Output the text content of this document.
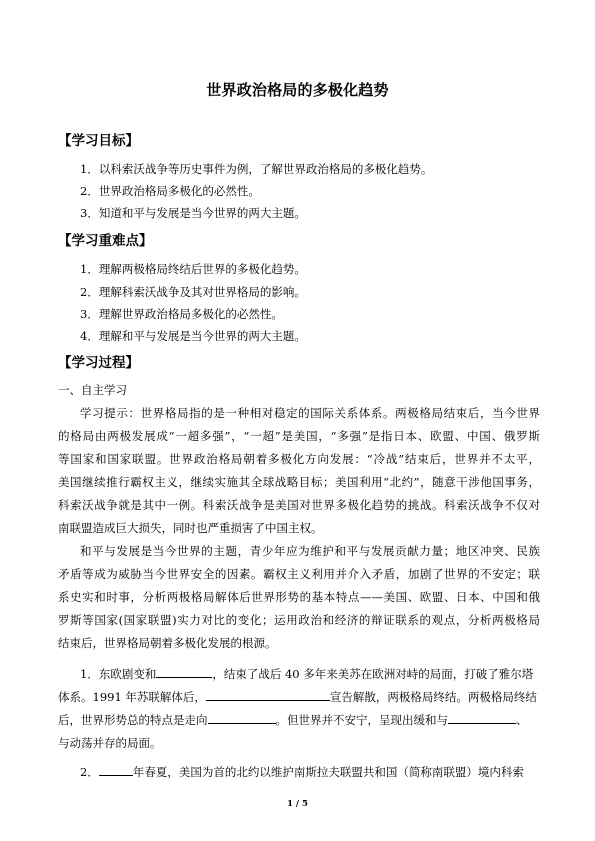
世界政治格局的多极化趋势
【学习目标】
1．以科索沃战争等历史事件为例，了解世界政治格局的多极化趋势。
2．世界政治格局多极化的必然性。
3．知道和平与发展是当今世界的两大主题。
【学习重难点】
1．理解两极格局终结后世界的多极化趋势。
2．理解科索沃战争及其对世界格局的影响。
3．理解世界政治格局多极化的必然性。
4．理解和平与发展是当今世界的两大主题。
【学习过程】
一、自主学习
学习提示：世界格局指的是一种相对稳定的国际关系体系。两极格局结束后，当今世界
的格局由两极发展成“一超多强”，“一超”是美国，“多强”是指日本、欧盟、中国、俄罗斯
等国家和国家联盟。世界政治格局朝着多极化方向发展：“冷战”结束后，世界并不太平，
美国继续推行霸权主义，继续实施其全球战略目标；美国利用“北约”，随意干涉他国事务，
科索沃战争就是其中一例。科索沃战争是美国对世界多极化趋势的挑战。科索沃战争不仅对
南联盟造成巨大损失，同时也严重损害了中国主权。
和平与发展是当今世界的主题，青少年应为维护和平与发展贡献力量；地区冲突、民族
矛盾等成为威胁当今世界安全的因素。霸权主义利用并介入矛盾，加剧了世界的不安定；联
系史实和时事，分析两极格局解体后世界形势的基本特点——美国、欧盟、日本、中国和俄
罗斯等国家(国家联盟)实力对比的变化；运用政治和经济的辩证联系的观点，分析两极格局
结束后，世界格局朝着多极化发展的根源。
1．东欧剧变和	，结束了战后 40 多年来美苏在欧洲对峙的局面，打破了雅尔塔
体系。1991 年苏联解体后，	宣告解散，两极格局终结。两极格局终结
后，世界形势总的特点是走向	。但世界并不安宁，呈现出缓和与	、
与动荡并存的局面。
2．	年春夏，美国为首的北约以维护南斯拉夫联盟共和国（简称南联盟）境内科索
1 / 5
